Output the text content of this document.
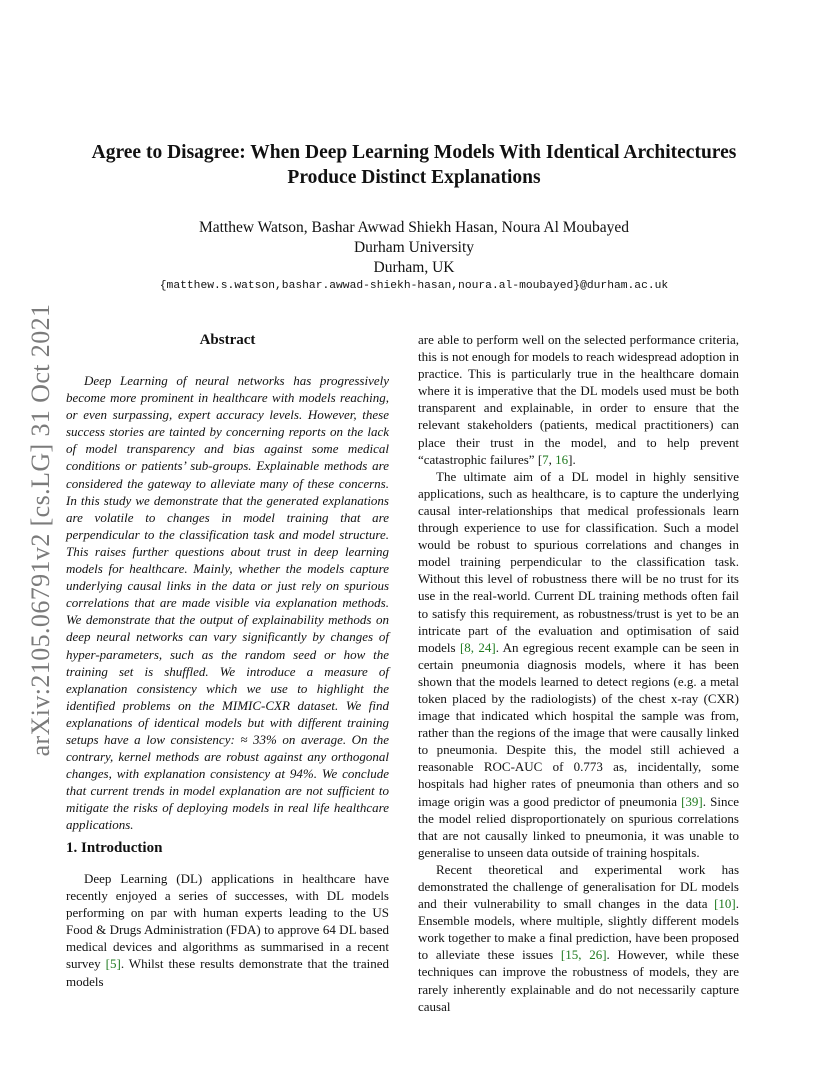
arXiv:2105.06791v2 [cs.LG] 31 Oct 2021
Agree to Disagree: When Deep Learning Models With Identical Architectures
Produce Distinct Explanations
Matthew Watson, Bashar Awwad Shiekh Hasan, Noura Al Moubayed
Durham University
Durham, UK
{matthew.s.watson,bashar.awwad-shiekh-hasan,noura.al-moubayed}@durham.ac.uk
Abstract

Deep Learning of neural networks has progressively become more prominent in healthcare with models reaching, or even surpassing, expert accuracy levels. However, these success stories are tainted by concerning reports on the lack of model transparency and bias against some medical conditions or patients’ sub-groups. Explainable methods are considered the gateway to alleviate many of these concerns. In this study we demonstrate that the generated explanations are volatile to changes in model training that are perpendicular to the classification task and model structure. This raises further questions about trust in deep learning models for healthcare. Mainly, whether the models capture underlying causal links in the data or just rely on spurious correlations that are made visible via explanation methods. We demonstrate that the output of explainability methods on deep neural networks can vary significantly by changes of hyper-parameters, such as the random seed or how the training set is shuffled. We introduce a measure of explanation consistency which we use to highlight the identified problems on the MIMIC-CXR dataset. We find explanations of identical models but with different training setups have a low consistency: ≈ 33% on average. On the contrary, kernel methods are robust against any orthogonal changes, with explanation consistency at 94%. We conclude that current trends in model explanation are not sufficient to mitigate the risks of deploying models in real life healthcare applications.

1. Introduction

Deep Learning (DL) applications in healthcare have recently enjoyed a series of successes, with DL models performing on par with human experts leading to the US Food & Drugs Administration (FDA) to approve 64 DL based medical devices and algorithms as summarised in a recent survey [5]. Whilst these results demonstrate that the trained models

are able to perform well on the selected performance criteria, this is not enough for models to reach widespread adoption in practice. This is particularly true in the healthcare domain where it is imperative that the DL models used must be both transparent and explainable, in order to ensure that the relevant stakeholders (patients, medical practitioners) can place their trust in the model, and to help prevent “catastrophic failures” [7, 16].

The ultimate aim of a DL model in highly sensitive applications, such as healthcare, is to capture the underlying causal inter-relationships that medical professionals learn through experience to use for classification. Such a model would be robust to spurious correlations and changes in model training perpendicular to the classification task. Without this level of robustness there will be no trust for its use in the real-world. Current DL training methods often fail to satisfy this requirement, as robustness/trust is yet to be an intricate part of the evaluation and optimisation of said models [8, 24]. An egregious recent example can be seen in certain pneumonia diagnosis models, where it has been shown that the models learned to detect regions (e.g. a metal token placed by the radiologists) of the chest x-ray (CXR) image that indicated which hospital the sample was from, rather than the regions of the image that were causally linked to pneumonia. Despite this, the model still achieved a reasonable ROC-AUC of 0.773 as, incidentally, some hospitals had higher rates of pneumonia than others and so image origin was a good predictor of pneumonia [39]. Since the model relied disproportionately on spurious correlations that are not causally linked to pneumonia, it was unable to generalise to unseen data outside of training hospitals.

Recent theoretical and experimental work has demonstrated the challenge of generalisation for DL models and their vulnerability to small changes in the data [10]. Ensemble models, where multiple, slightly different models work together to make a final prediction, have been proposed to alleviate these issues [15, 26]. However, while these techniques can improve the robustness of models, they are rarely inherently explainable and do not necessarily capture causal
